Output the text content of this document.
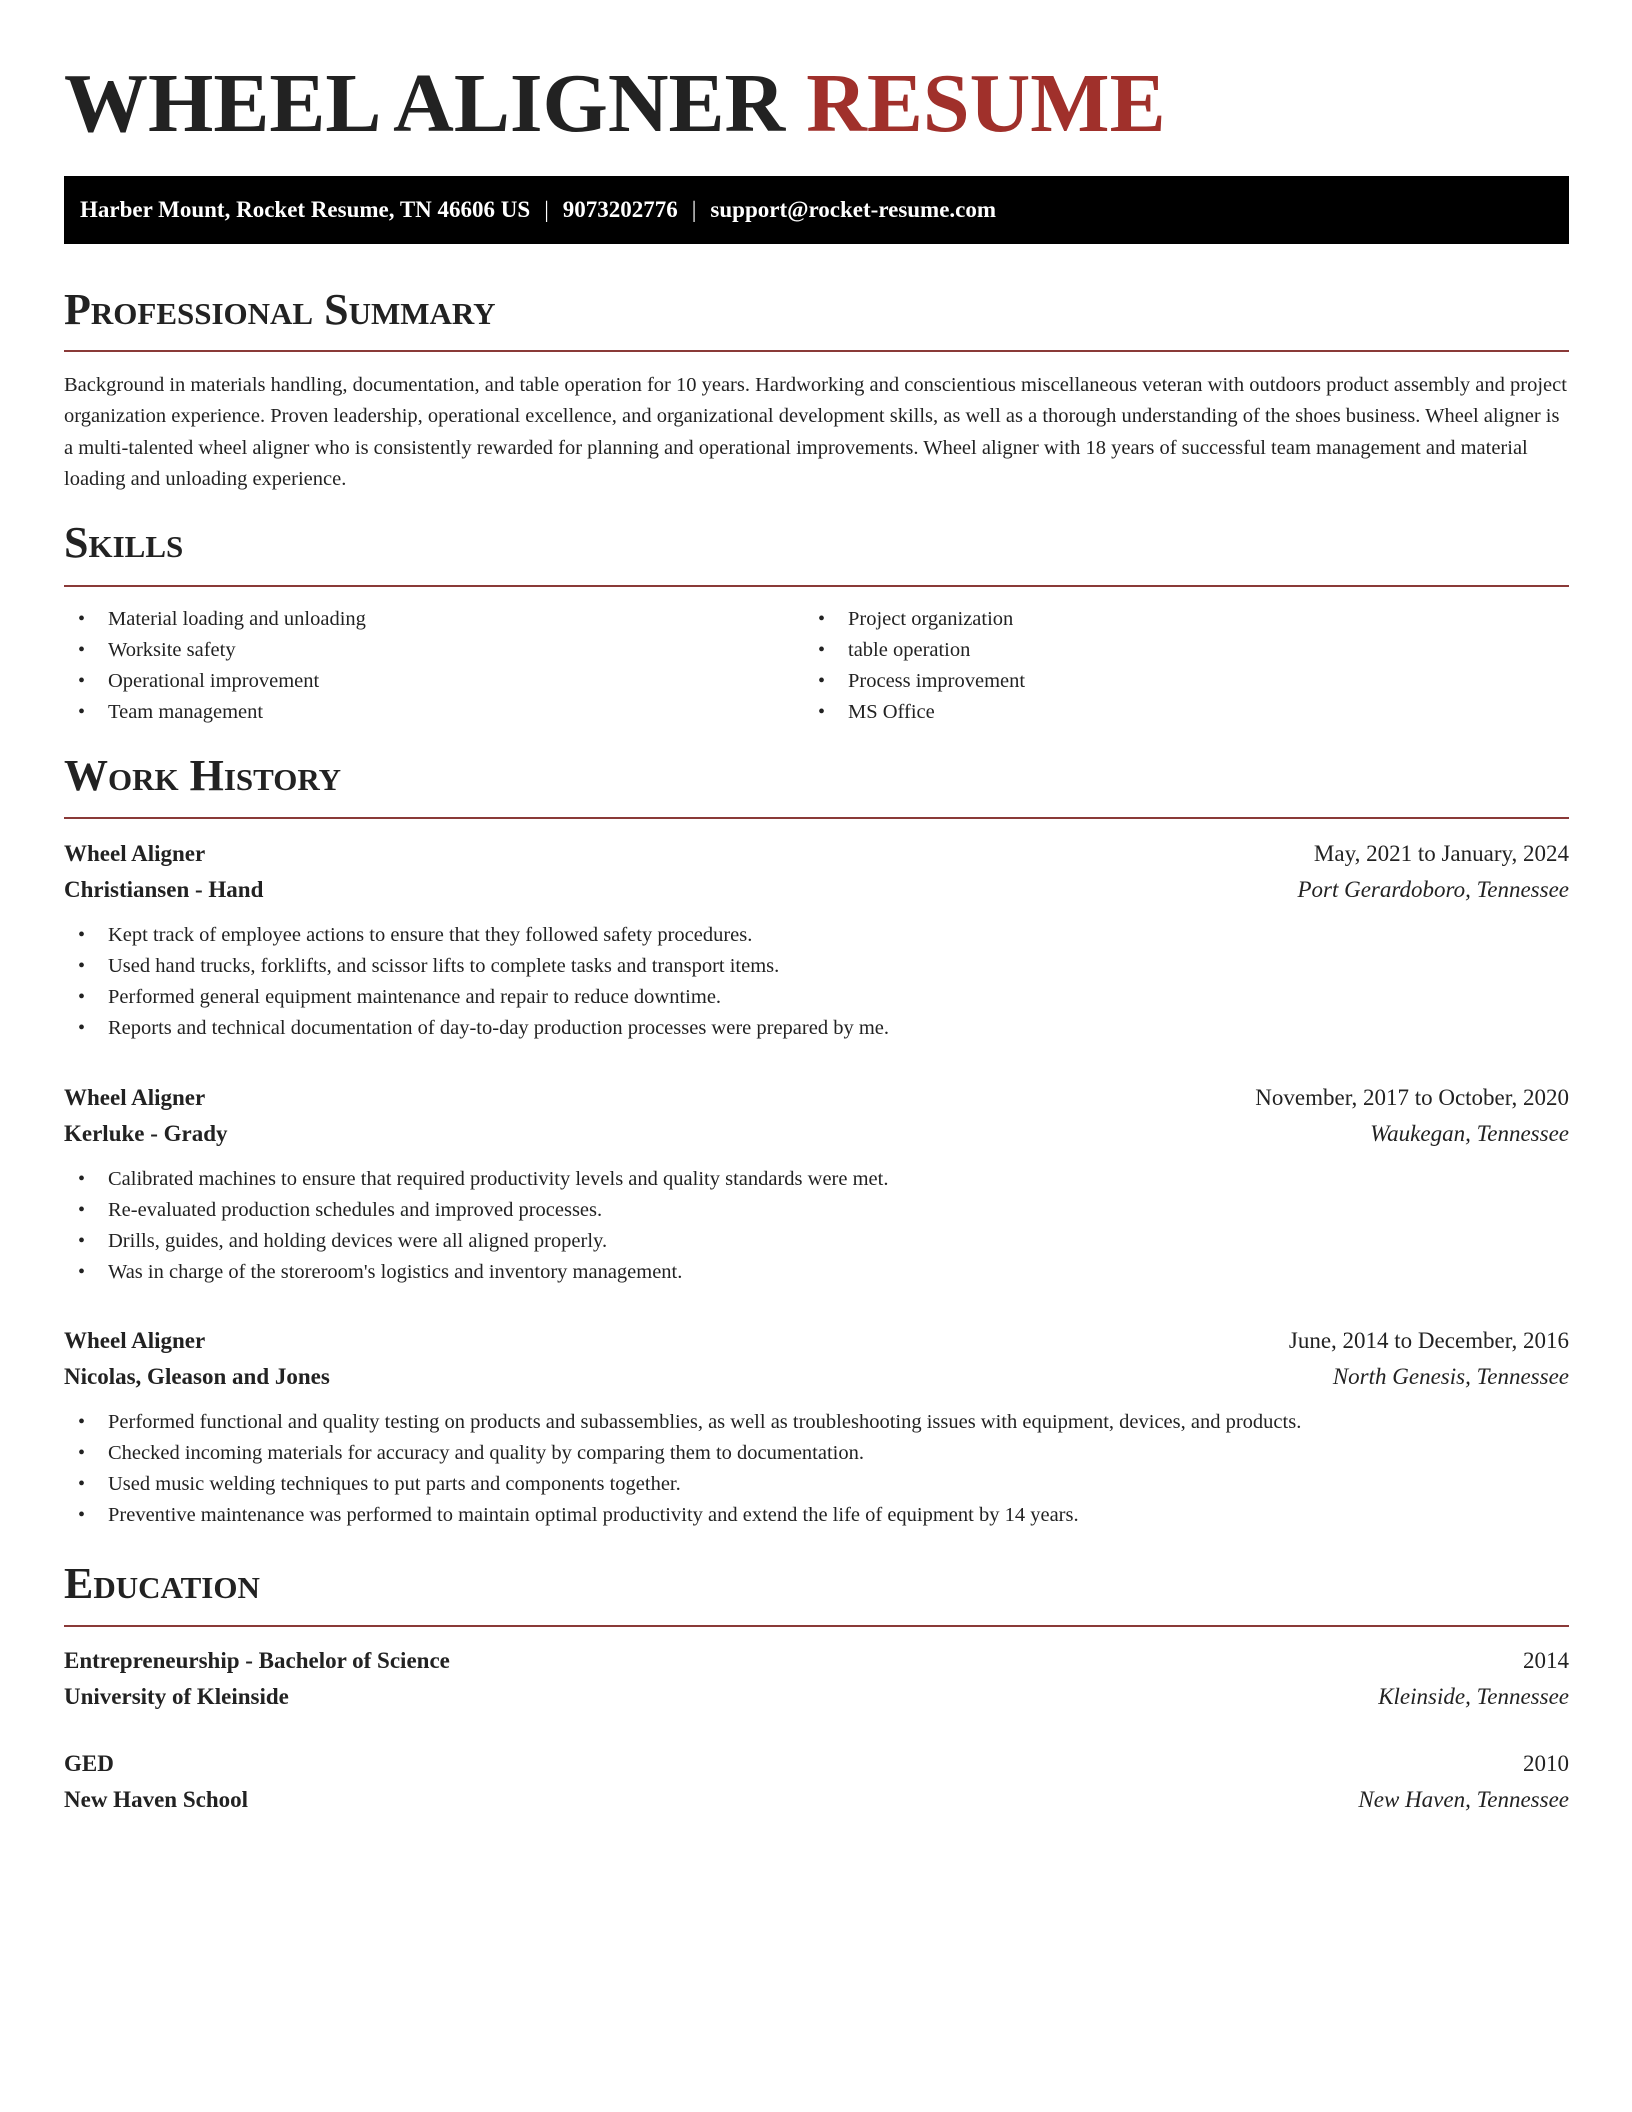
WHEEL ALIGNER RESUME
Harber Mount, Rocket Resume, TN 46606 US | 9073202776 | support@rocket-resume.com
Professional Summary

Background in materials handling, documentation, and table operation for 10 years. Hardworking and conscientious miscellaneous veteran with outdoors product assembly and project organization experience. Proven leadership, operational excellence, and organizational development skills, as well as a thorough understanding of the shoes business. Wheel aligner is a multi-talented wheel aligner who is consistently rewarded for planning and operational improvements. Wheel aligner with 18 years of successful team management and material loading and unloading experience.

Skills
• Material loading and unloading
• Worksite safety
• Operational improvement
• Team management
• Project organization
• table operation
• Process improvement
• MS Office
Work History
Wheel Aligner	May, 2021 to January, 2024
Christiansen - Hand	Port Gerardoboro, Tennessee
• Kept track of employee actions to ensure that they followed safety procedures.
• Used hand trucks, forklifts, and scissor lifts to complete tasks and transport items.
• Performed general equipment maintenance and repair to reduce downtime.
• Reports and technical documentation of day-to-day production processes were prepared by me.
Wheel Aligner	November, 2017 to October, 2020
Kerluke - Grady	Waukegan, Tennessee
• Calibrated machines to ensure that required productivity levels and quality standards were met.
• Re-evaluated production schedules and improved processes.
• Drills, guides, and holding devices were all aligned properly.
• Was in charge of the storeroom's logistics and inventory management.
Wheel Aligner	June, 2014 to December, 2016
Nicolas, Gleason and Jones	North Genesis, Tennessee
• Performed functional and quality testing on products and subassemblies, as well as troubleshooting issues with equipment, devices, and products.
• Checked incoming materials for accuracy and quality by comparing them to documentation.
• Used music welding techniques to put parts and components together.
• Preventive maintenance was performed to maintain optimal productivity and extend the life of equipment by 14 years.
Education
Entrepreneurship - Bachelor of Science	2014
University of Kleinside	Kleinside, Tennessee
GED	2010
New Haven School	New Haven, Tennessee
